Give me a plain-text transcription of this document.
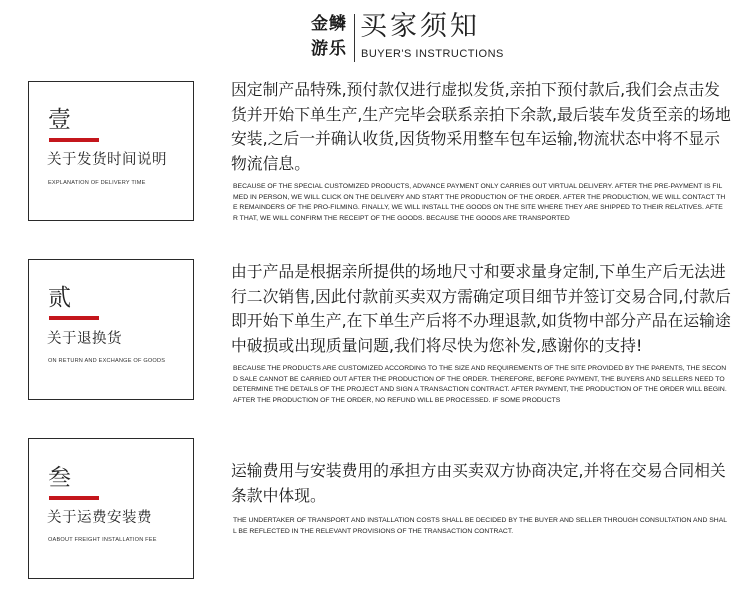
金鳞
游乐
买家须知
BUYER'S INSTRUCTIONS
壹
关于发货时间说明
EXPLANATION OF DELIVERY TIME

因定制产品特殊,预付款仅进行虚拟发货,亲拍下预付款后,我们会点击发货并开始下单生产,生产完毕会联系亲拍下余款,最后装车发货至亲的场地安装,之后一并确认收货,因货物采用整车包车运输,物流状态中将不显示物流信息。

BECAUSE OF THE SPECIAL CUSTOMIZED PRODUCTS, ADVANCE PAYMENT ONLY CARRIES OUT VIRTUAL DELIVERY. AFTER THE PRE-PAYMENT IS FILMED IN PERSON, WE WILL CLICK ON THE DELIVERY AND START THE PRODUCTION OF THE ORDER. AFTER THE PRODUCTION, WE WILL CONTACT THE REMAINDERS OF THE PRO-FILMING. FINALLY, WE WILL INSTALL THE GOODS ON THE SITE WHERE THEY ARE SHIPPED TO THEIR RELATIVES. AFTER THAT, WE WILL CONFIRM THE RECEIPT OF THE GOODS. BECAUSE THE GOODS ARE TRANSPORTED

贰
关于退换货
ON RETURN AND EXCHANGE OF GOODS

由于产品是根据亲所提供的场地尺寸和要求量身定制,下单生产后无法进行二次销售,因此付款前买卖双方需确定项目细节并签订交易合同,付款后即开始下单生产,在下单生产后将不办理退款,如货物中部分产品在运输途中破损或出现质量问题,我们将尽快为您补发,感谢你的支持!

BECAUSE THE PRODUCTS ARE CUSTOMIZED ACCORDING TO THE SIZE AND REQUIREMENTS OF THE SITE PROVIDED BY THE PARENTS, THE SECOND SALE CANNOT BE CARRIED OUT AFTER THE PRODUCTION OF THE ORDER. THEREFORE, BEFORE PAYMENT, THE BUYERS AND SELLERS NEED TO DETERMINE THE DETAILS OF THE PROJECT AND SIGN A TRANSACTION CONTRACT. AFTER PAYMENT, THE PRODUCTION OF THE ORDER WILL BEGIN. AFTER THE PRODUCTION OF THE ORDER, NO REFUND WILL BE PROCESSED. IF SOME PRODUCTS

叁
关于运费安装费
OABOUT FREIGHT INSTALLATION FEE

运输费用与安装费用的承担方由买卖双方协商决定,并将在交易合同相关条款中体现。

THE UNDERTAKER OF TRANSPORT AND INSTALLATION COSTS SHALL BE DECIDED BY THE BUYER AND SELLER THROUGH CONSULTATION AND SHALL BE REFLECTED IN THE RELEVANT PROVISIONS OF THE TRANSACTION CONTRACT.
